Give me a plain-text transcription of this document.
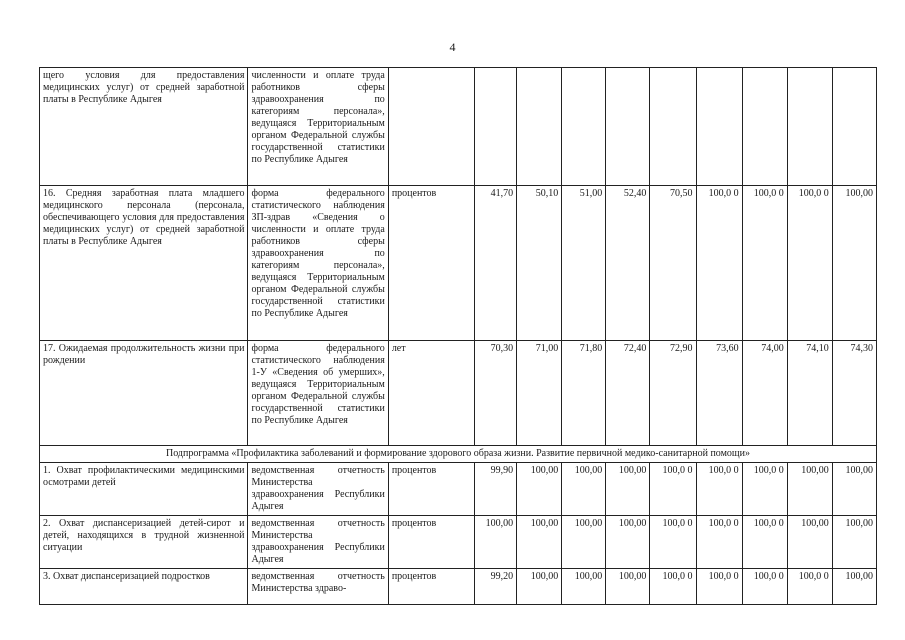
4
щего условия для предоставления медицинских услуг) от средней заработной платы в Республике Адыгея	численности и оплате труда работников сферы здравоохранения по категориям персонала», ведущаяся Территориальным органом Федеральной службы государственной статистики по Республике Адыгея										
16. Средняя заработная плата младшего медицинского персонала (персонала, обеспечивающего условия для предоставления медицинских услуг) от средней заработной платы в Республике Адыгея	форма федерального статистического наблюдения ЗП-здрав «Сведения о численности и оплате труда работников сферы здравоохранения по категориям персонала», ведущаяся Территориальным органом Федеральной службы государственной статистики по Республике Адыгея	процентов	41,70	50,10	51,00	52,40	70,50	100,0 0	100,0 0	100,0 0	100,00
17. Ожидаемая продолжительность жизни при рождении	форма федерального статистического наблюдения 1-У «Сведения об умерших», ведущаяся Территориальным органом Федеральной службы государственной статистики по Республике Адыгея	лет	70,30	71,00	71,80	72,40	72,90	73,60	74,00	74,10	74,30
Подпрограмма «Профилактика заболеваний и формирование здорового образа жизни. Развитие первичной медико-санитарной помощи»											
1. Охват профилактическими медицинскими осмотрами детей	ведомственная отчетность Министерства здравоохранения Республики Адыгея	процентов	99,90	100,00	100,00	100,00	100,0 0	100,0 0	100,0 0	100,00	100,00
2. Охват диспансеризацией детей-сирот и детей, находящихся в трудной жизненной ситуации	ведомственная отчетность Министерства здравоохранения Республики Адыгея	процентов	100,00	100,00	100,00	100,00	100,0 0	100,0 0	100,0 0	100,00	100,00
3. Охват диспансеризацией подростков	ведомственная отчетность Министерства здраво-	процентов	99,20	100,00	100,00	100,00	100,0 0	100,0 0	100,0 0	100,0 0	100,00
